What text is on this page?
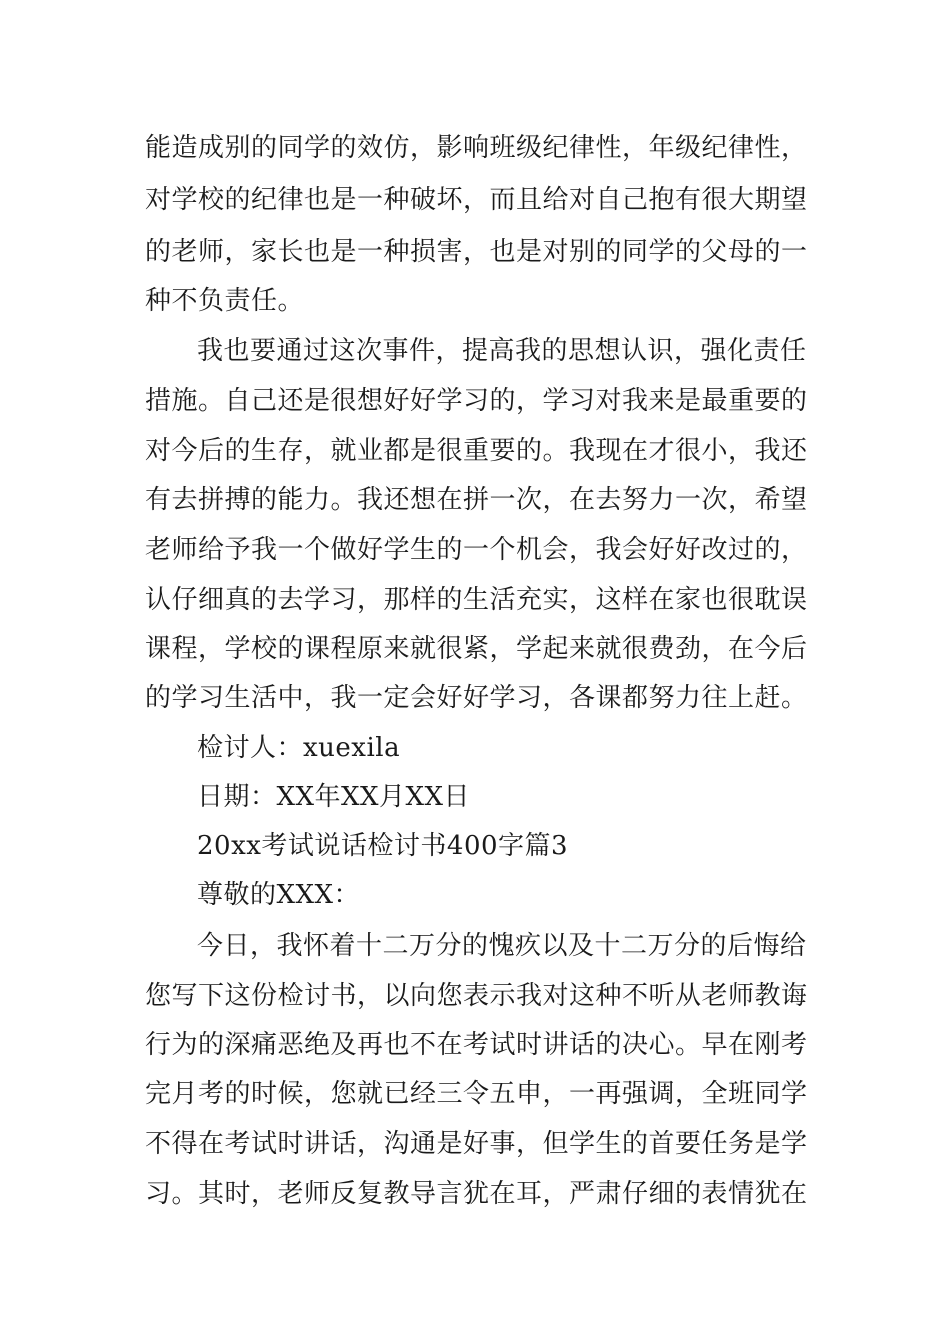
能造成别的同学的效仿，影响班级纪律性，年级纪律性，
对学校的纪律也是一种破坏，而且给对自己抱有很大期望
的老师，家长也是一种损害，也是对别的同学的父母的一
种不负责任。
我也要通过这次事件，提高我的思想认识，强化责任
措施。自己还是很想好好学习的，学习对我来是最重要的
对今后的生存，就业都是很重要的。我现在才很小，我还
有去拼搏的能力。我还想在拼一次，在去努力一次，希望
老师给予我一个做好学生的一个机会，我会好好改过的，
认仔细真的去学习，那样的生活充实，这样在家也很耽误
课程，学校的课程原来就很紧，学起来就很费劲，在今后
的学习生活中，我一定会好好学习，各课都努力往上赶。
检讨人：xuexila
日期：XX年XX月XX日
20xx考试说话检讨书400字篇3
尊敬的XXX：
今日，我怀着十二万分的愧疚以及十二万分的后悔给
您写下这份检讨书，以向您表示我对这种不听从老师教诲
行为的深痛恶绝及再也不在考试时讲话的决心。早在刚考
完月考的时候，您就已经三令五申，一再强调，全班同学
不得在考试时讲话，沟通是好事，但学生的首要任务是学
习。其时，老师反复教导言犹在耳，严肃仔细的表情犹在
